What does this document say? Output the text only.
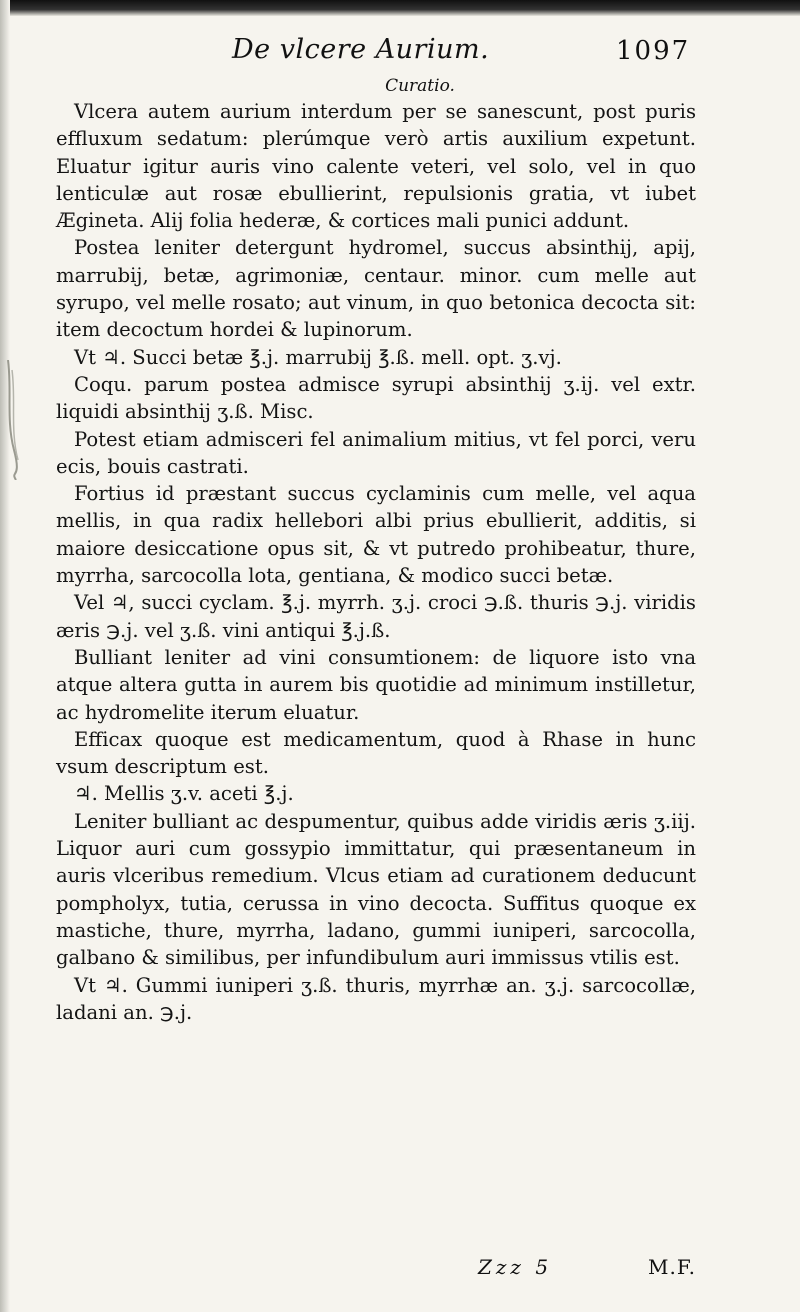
De vlcere Aurium.	1097
Curatio.

Vlcera autem aurium interdum per se sanescunt, post puris effluxum sedatum: plerúmque verò artis auxilium expetunt. Eluatur igitur auris vino calente veteri, vel solo, vel in quo lenticulæ aut rosæ ebullierint, repulsionis gratia, vt iubet Ægineta. Alij folia hederæ, & cortices mali punici addunt.

Postea leniter detergunt hydromel, succus absinthij, apij, marrubij, betæ, agrimoniæ, centaur. minor. cum melle aut syrupo, vel melle rosato; aut vinum, in quo betonica decocta sit: item decoctum hordei & lupinorum.

Vt ♃. Succi betæ ℥.j. marrubij ℥.ß. mell. opt. ʒ.vj.

Coqu. parum postea admisce syrupi absinthij ʒ.ij. vel extr. liquidi absinthij ʒ.ß. Misc.

Potest etiam admisceri fel animalium mitius, vt fel porci, veru ecis, bouis castrati.

Fortius id præstant succus cyclaminis cum melle, vel aqua mellis, in qua radix hellebori albi prius ebullierit, additis, si maiore desiccatione opus sit, & vt putredo prohibeatur, thure, myrrha, sarcocolla lota, gentiana, & modico succi betæ.

Vel ♃, succi cyclam. ℥.j. myrrh. ʒ.j. croci ℈.ß. thuris ℈.j. viridis æris ℈.j. vel ʒ.ß. vini antiqui ℥.j.ß.

Bulliant leniter ad vini consumtionem: de liquore isto vna atque altera gutta in aurem bis quotidie ad minimum instilletur, ac hydromelite iterum eluatur.

Efficax quoque est medicamentum, quod à Rhase in hunc vsum descriptum est.

♃. Mellis ʒ.v. aceti ℥.j.

Leniter bulliant ac despumentur, quibus adde viridis æris ʒ.iij. Liquor auri cum gossypio immittatur, qui præsentaneum in auris vlceribus remedium. Vlcus etiam ad curationem deducunt pompholyx, tutia, cerussa in vino decocta. Suffitus quoque ex mastiche, thure, myrrha, ladano, gummi iuniperi, sarcocolla, galbano & similibus, per infundibulum auri immissus vtilis est.

Vt ♃. Gummi iuniperi ʒ.ß. thuris, myrrhæ an. ʒ.j. sarcocollæ, ladani an. ℈.j.

Zzz 5	M.F.
